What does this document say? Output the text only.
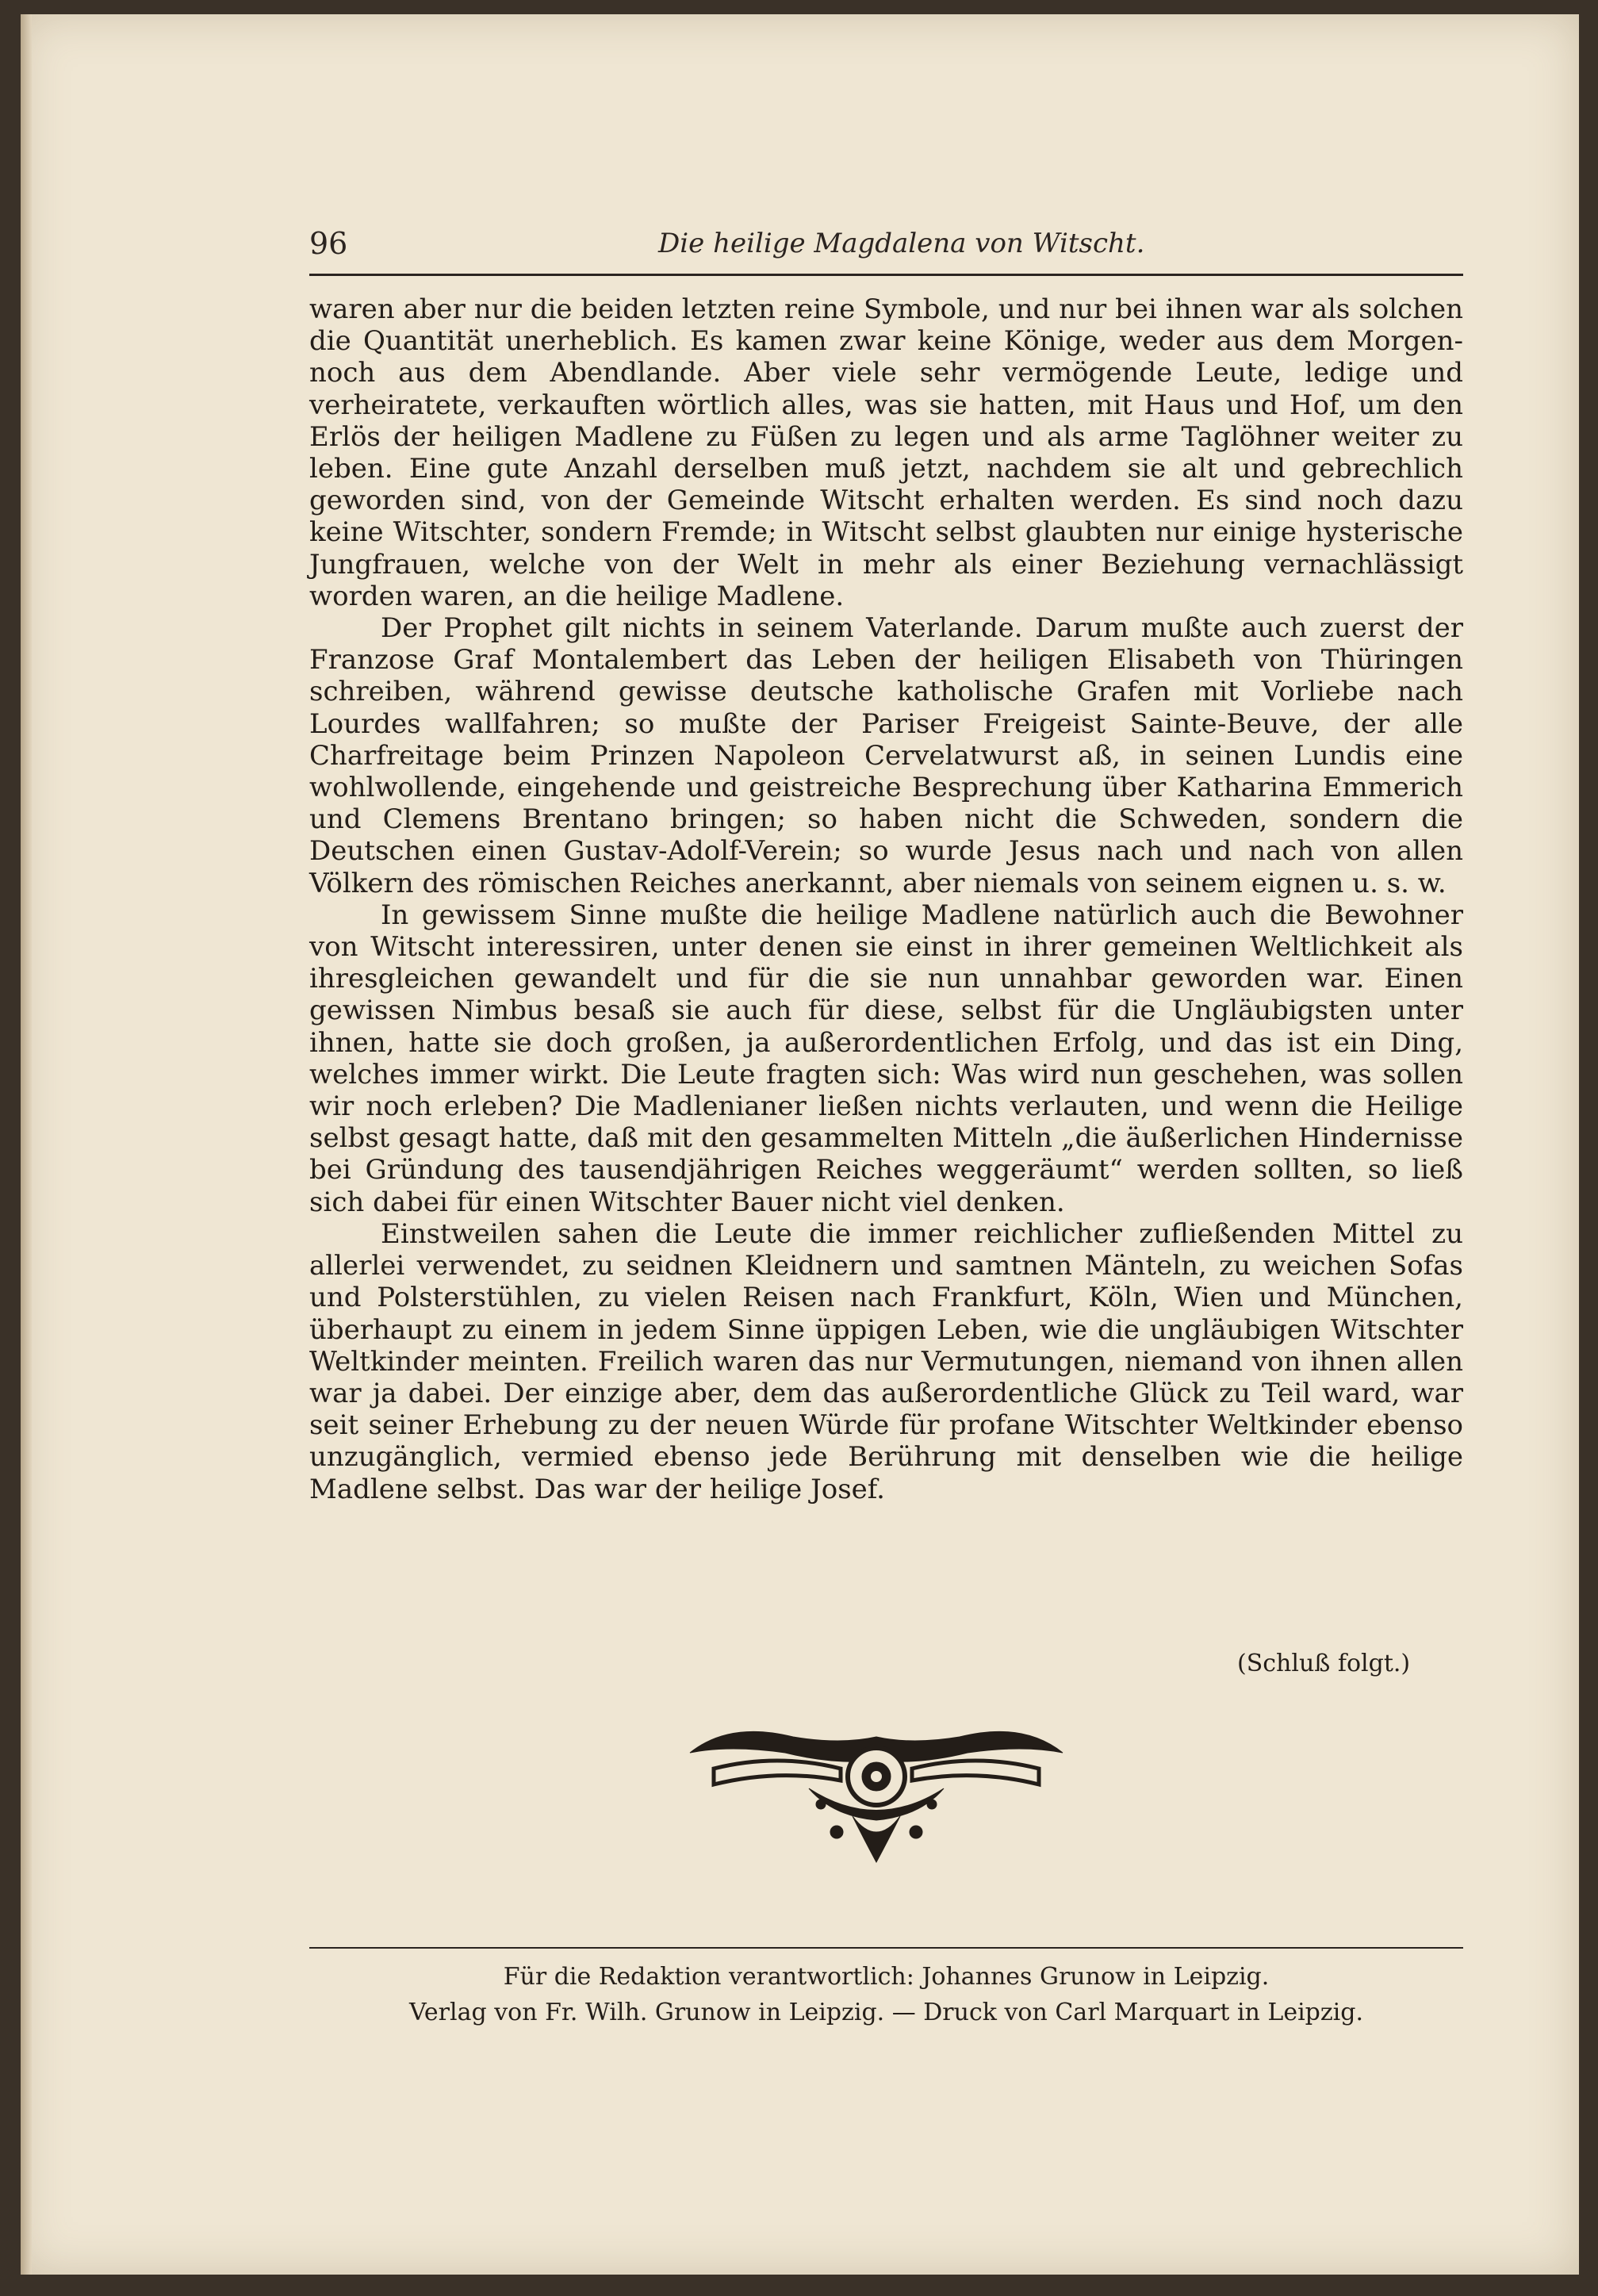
96	Die heilige Magdalena von Witscht.

waren aber nur die beiden letzten reine Symbole, und nur bei ihnen war als solchen die Quantität unerheblich. Es kamen zwar keine Könige, weder aus dem Morgen- noch aus dem Abendlande. Aber viele sehr vermögende Leute, ledige und verheiratete, verkauften wörtlich alles, was sie hatten, mit Haus und Hof, um den Erlös der heiligen Madlene zu Füßen zu legen und als arme Taglöhner weiter zu leben. Eine gute Anzahl derselben muß jetzt, nachdem sie alt und gebrechlich geworden sind, von der Gemeinde Witscht erhalten werden. Es sind noch dazu keine Witschter, sondern Fremde; in Witscht selbst glaubten nur einige hysterische Jungfrauen, welche von der Welt in mehr als einer Beziehung vernachlässigt worden waren, an die heilige Madlene.

Der Prophet gilt nichts in seinem Vaterlande. Darum mußte auch zuerst der Franzose Graf Montalembert das Leben der heiligen Elisabeth von Thüringen schreiben, während gewisse deutsche katholische Grafen mit Vorliebe nach Lourdes wallfahren; so mußte der Pariser Freigeist Sainte-Beuve, der alle Charfreitage beim Prinzen Napoleon Cervelatwurst aß, in seinen Lundis eine wohlwollende, eingehende und geistreiche Besprechung über Katharina Emmerich und Clemens Brentano bringen; so haben nicht die Schweden, sondern die Deutschen einen Gustav-Adolf-Verein; so wurde Jesus nach und nach von allen Völkern des römischen Reiches anerkannt, aber niemals von seinem eignen u. s. w.

In gewissem Sinne mußte die heilige Madlene natürlich auch die Bewohner von Witscht interessiren, unter denen sie einst in ihrer gemeinen Weltlichkeit als ihresgleichen gewandelt und für die sie nun unnahbar geworden war. Einen gewissen Nimbus besaß sie auch für diese, selbst für die Ungläubigsten unter ihnen, hatte sie doch großen, ja außerordentlichen Erfolg, und das ist ein Ding, welches immer wirkt. Die Leute fragten sich: Was wird nun geschehen, was sollen wir noch erleben? Die Madlenianer ließen nichts verlauten, und wenn die Heilige selbst gesagt hatte, daß mit den gesammelten Mitteln „die äußerlichen Hindernisse bei Gründung des tausendjährigen Reiches weggeräumt“ werden sollten, so ließ sich dabei für einen Witschter Bauer nicht viel denken.

Einstweilen sahen die Leute die immer reichlicher zufließenden Mittel zu allerlei verwendet, zu seidnen Kleidnern und samtnen Mänteln, zu weichen Sofas und Polsterstühlen, zu vielen Reisen nach Frankfurt, Köln, Wien und München, überhaupt zu einem in jedem Sinne üppigen Leben, wie die ungläubigen Witschter Weltkinder meinten. Freilich waren das nur Vermutungen, niemand von ihnen allen war ja dabei. Der einzige aber, dem das außerordentliche Glück zu Teil ward, war seit seiner Erhebung zu der neuen Würde für profane Witschter Weltkinder ebenso unzugänglich, vermied ebenso jede Berührung mit denselben wie die heilige Madlene selbst. Das war der heilige Josef.

(Schluß folgt.)
Für die Redaktion verantwortlich: Johannes Grunow in Leipzig.
Verlag von Fr. Wilh. Grunow in Leipzig. — Druck von Carl Marquart in Leipzig.
